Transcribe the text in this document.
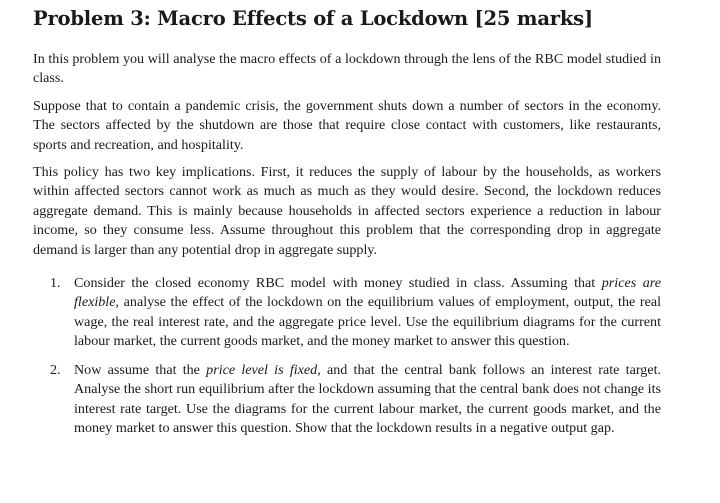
Problem 3: Macro Effects of a Lockdown [25 marks]

In this problem you will analyse the macro effects of a lockdown through the lens of the RBC model studied in class.

Suppose that to contain a pandemic crisis, the government shuts down a number of sectors in the economy. The sectors affected by the shutdown are those that require close contact with customers, like restaurants, sports and recreation, and hospitality.

This policy has two key implications. First, it reduces the supply of labour by the households, as workers within affected sectors cannot work as much as much as they would desire. Second, the lockdown reduces aggregate demand. This is mainly because households in affected sectors experience a reduction in labour income, so they consume less. Assume throughout this problem that the corresponding drop in aggregate demand is larger than any potential drop in aggregate supply.

1. Consider the closed economy RBC model with money studied in class. Assuming that prices are flexible, analyse the effect of the lockdown on the equilibrium values of employment, output, the real wage, the real interest rate, and the aggregate price level. Use the equilibrium diagrams for the current labour market, the current goods market, and the money market to answer this question.
2. Now assume that the price level is fixed, and that the central bank follows an interest rate target. Analyse the short run equilibrium after the lockdown assuming that the central bank does not change its interest rate target. Use the diagrams for the current labour market, the current goods market, and the money market to answer this question. Show that the lockdown results in a negative output gap.
